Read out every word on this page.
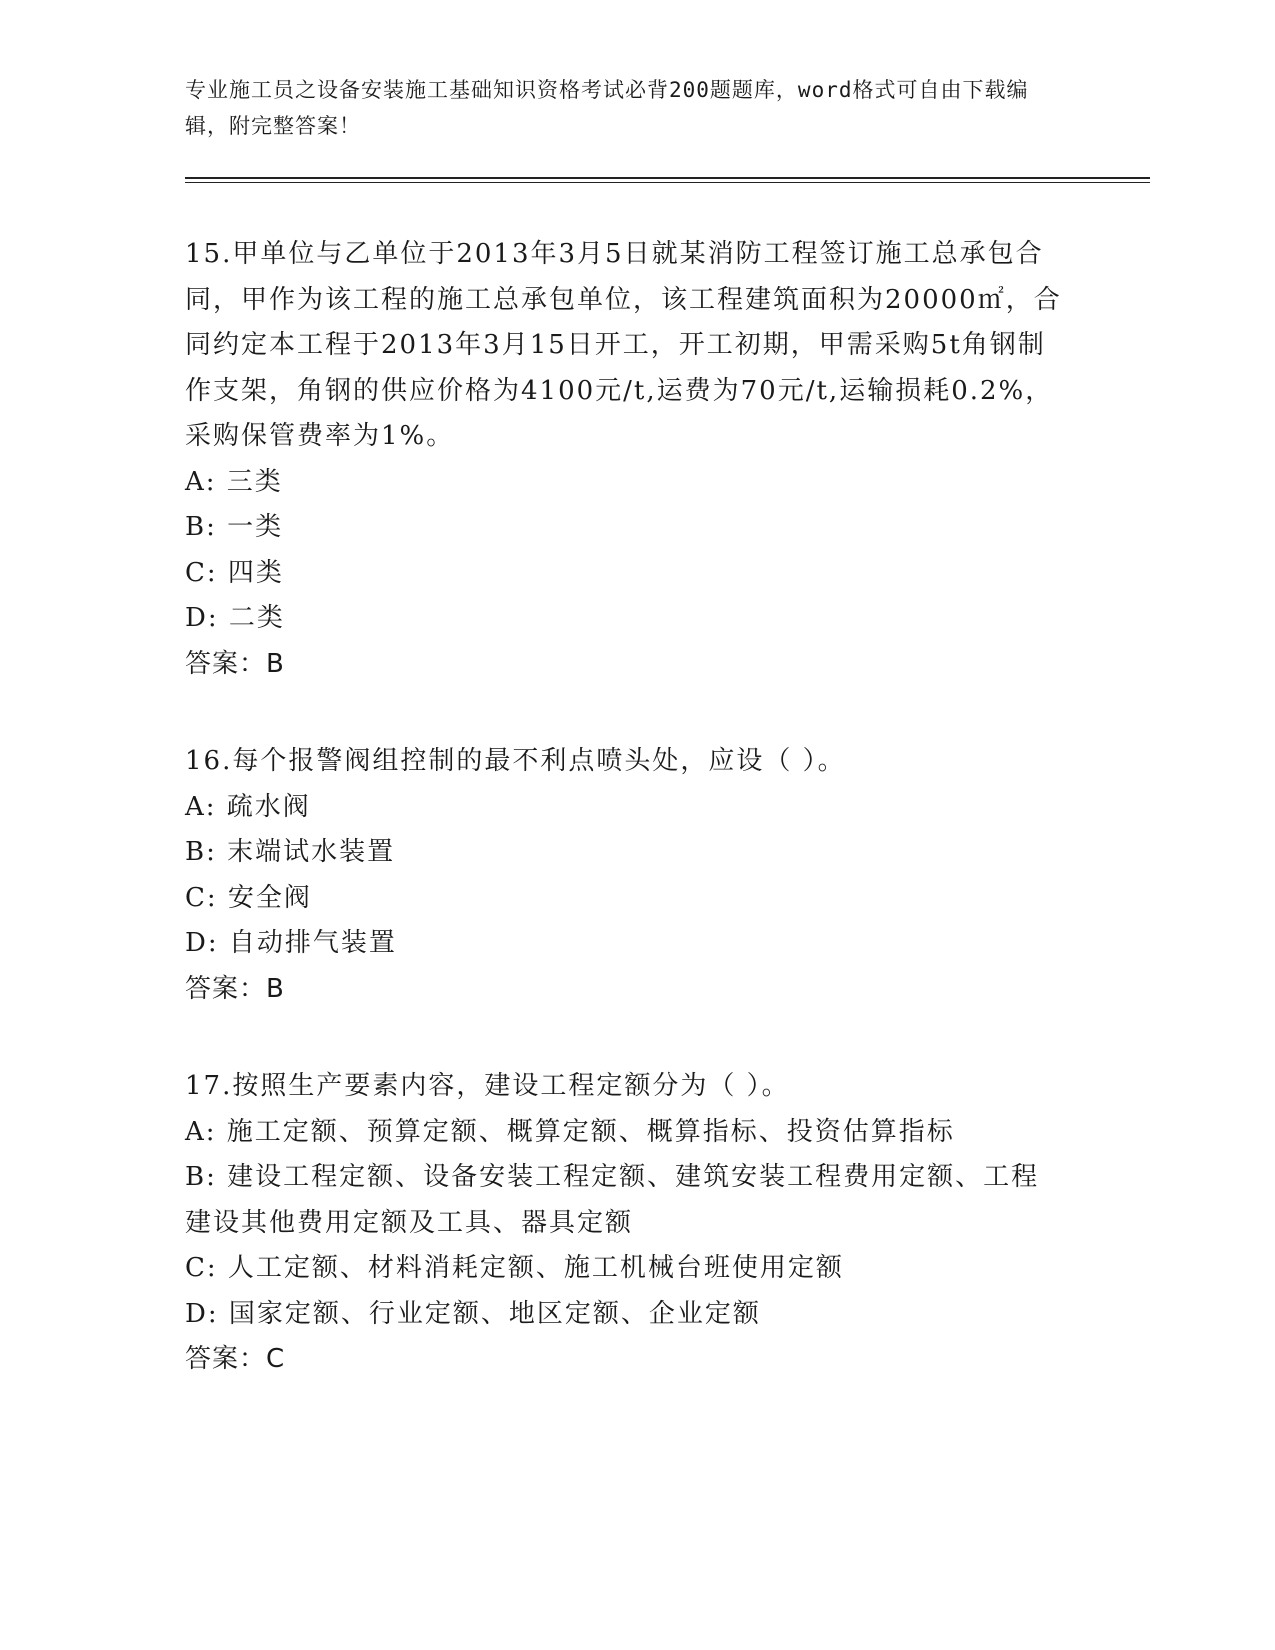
专业施工员之设备安装施工基础知识资格考试必背200题题库，word格式可自由下载编辑，附完整答案！

15.甲单位与乙单位于2013年3月5日就某消防工程签订施工总承包合同，甲作为该工程的施工总承包单位，该工程建筑面积为20000㎡，合同约定本工程于2013年3月15日开工，开工初期，甲需采购5t角钢制作支架，角钢的供应价格为4100元/t,运费为70元/t,运输损耗0.2%，采购保管费率为1%。

A: 三类

B: 一类

C: 四类

D: 二类

答案：B

16.每个报警阀组控制的最不利点喷头处，应设（ ）。

A: 疏水阀

B: 末端试水装置

C: 安全阀

D: 自动排气装置

答案：B

17.按照生产要素内容，建设工程定额分为（ ）。

A: 施工定额、预算定额、概算定额、概算指标、投资估算指标

B: 建设工程定额、设备安装工程定额、建筑安装工程费用定额、工程建设其他费用定额及工具、器具定额

C: 人工定额、材料消耗定额、施工机械台班使用定额

D: 国家定额、行业定额、地区定额、企业定额

答案：C
